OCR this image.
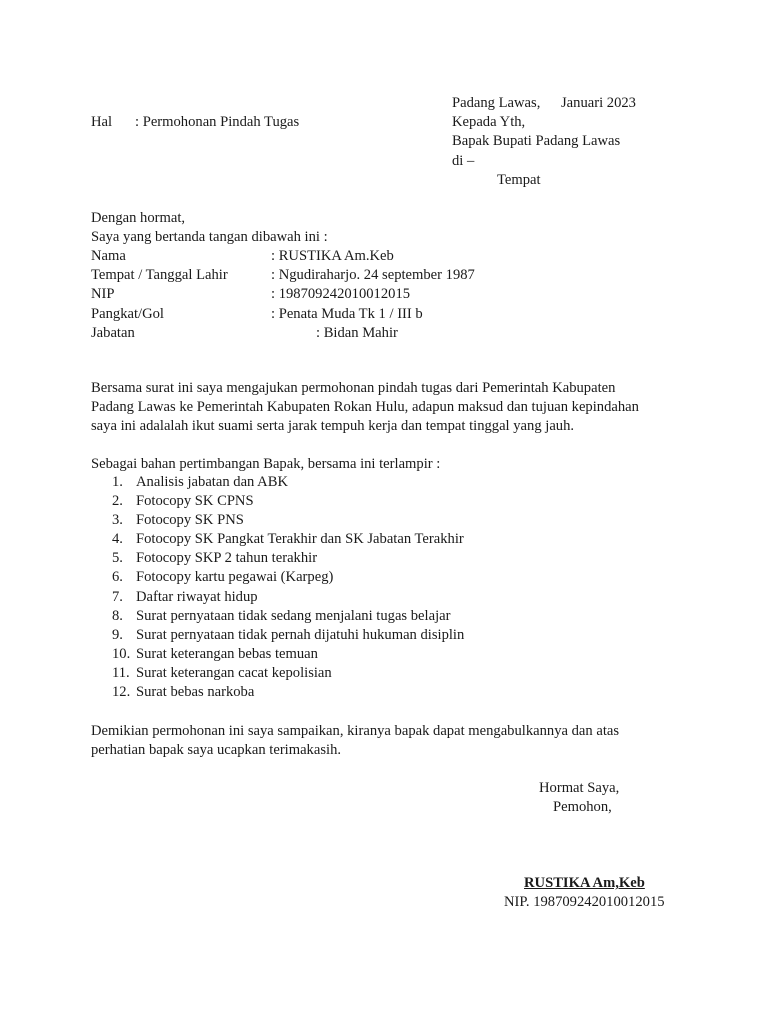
Padang Lawas, Januari 2023
Hal : Permohonan Pindah Tugas	Kepada Yth,
Bapak Bupati Padang Lawas
di –
Tempat
Dengan hormat,
Saya yang bertanda tangan dibawah ini :
Nama	: RUSTIKA Am.Keb
Tempat / Tanggal Lahir	: Ngudiraharjo. 24 september 1987
NIP	: 198709242010012015
Pangkat/Gol	: Penata Muda Tk 1 / III b
Jabatan	: Bidan Mahir
Bersama surat ini saya mengajukan permohonan pindah tugas dari Pemerintah Kabupaten
Padang Lawas ke Pemerintah Kabupaten Rokan Hulu, adapun maksud dan tujuan kepindahan
saya ini adalalah ikut suami serta jarak tempuh kerja dan tempat tinggal yang jauh.
Sebagai bahan pertimbangan Bapak, bersama ini terlampir :
1. Analisis jabatan dan ABK
2. Fotocopy SK CPNS
3. Fotocopy SK PNS
4. Fotocopy SK Pangkat Terakhir dan SK Jabatan Terakhir
5. Fotocopy SKP 2 tahun terakhir
6. Fotocopy kartu pegawai (Karpeg)
7. Daftar riwayat hidup
8. Surat pernyataan tidak sedang menjalani tugas belajar
9. Surat pernyataan tidak pernah dijatuhi hukuman disiplin
10. Surat keterangan bebas temuan
11. Surat keterangan cacat kepolisian
12. Surat bebas narkoba
Demikian permohonan ini saya sampaikan, kiranya bapak dapat mengabulkannya dan atas
perhatian bapak saya ucapkan terimakasih.
Hormat Saya,
Pemohon,
RUSTIKA Am,Keb
NIP. 198709242010012015
